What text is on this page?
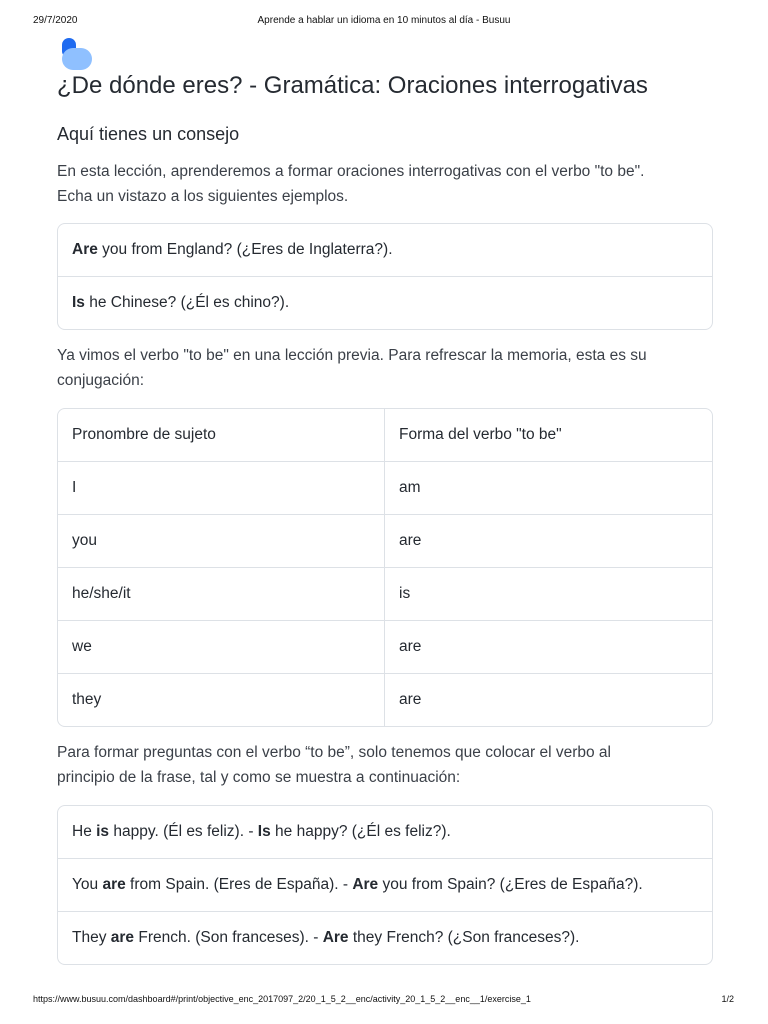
29/7/2020	Aprende a hablar un idioma en 10 minutos al día - Busuu
¿De dónde eres? - Gramática: Oraciones interrogativas
Aquí tienes un consejo
En esta lección, aprenderemos a formar oraciones interrogativas con el verbo "to be".
Echa un vistazo a los siguientes ejemplos.
Are you from England? (¿Eres de Inglaterra?).
Is he Chinese? (¿Él es chino?).
Ya vimos el verbo "to be" en una lección previa. Para refrescar la memoria, esta es su
conjugación:
Pronombre de sujeto	Forma del verbo "to be"
I	am
you	are
he/she/it	is
we	are
they	are
Para formar preguntas con el verbo “to be”, solo tenemos que colocar el verbo al
principio de la frase, tal y como se muestra a continuación:
He is happy. (Él es feliz). - Is he happy? (¿Él es feliz?).
You are from Spain. (Eres de España). - Are you from Spain? (¿Eres de España?).
They are French. (Son franceses). - Are they French? (¿Son franceses?).
https://www.busuu.com/dashboard#/print/objective_enc_2017097_2/20_1_5_2__enc/activity_20_1_5_2__enc__1/exercise_1	1/2
